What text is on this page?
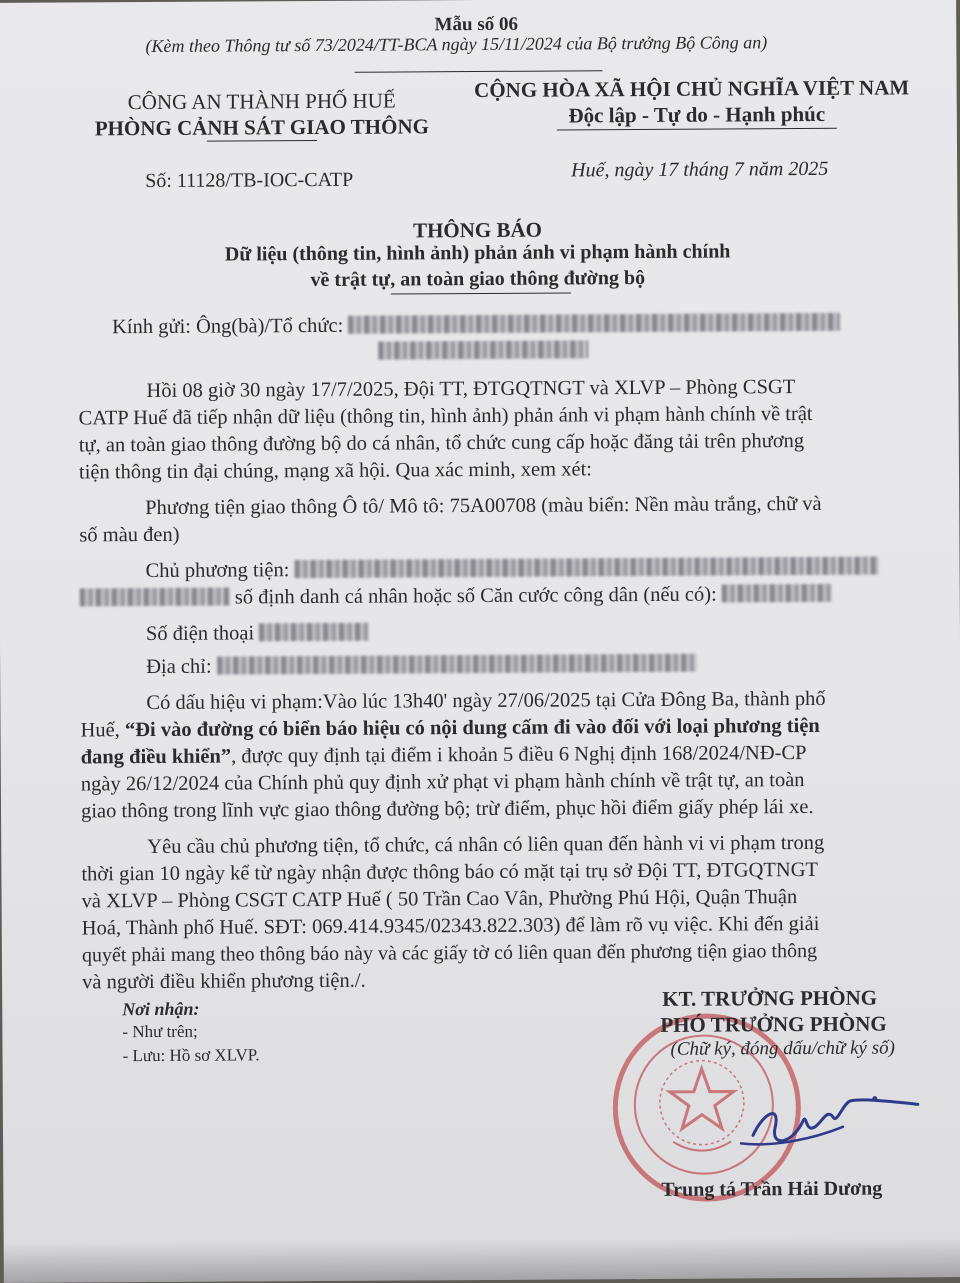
Mẫu số 06
(Kèm theo Thông tư số 73/2024/TT-BCA ngày 15/11/2024 của Bộ trưởng Bộ Công an)
CÔNG AN THÀNH PHỐ HUẾ
PHÒNG CẢNH SÁT GIAO THÔNG
CỘNG HÒA XÃ HỘI CHỦ NGHĨA VIỆT NAM
Độc lập - Tự do - Hạnh phúc
Số: 11128/TB-IOC-CATP	Huế, ngày 17 tháng 7 năm 2025
THÔNG BÁO
Dữ liệu (thông tin, hình ảnh) phản ánh vi phạm hành chính
về trật tự, an toàn giao thông đường bộ
Kính gửi: Ông(bà)/Tổ chức:
Hồi 08 giờ 30 ngày 17/7/2025, Đội TT, ĐTGQTNGT và XLVP – Phòng CSGT
CATP Huế đã tiếp nhận dữ liệu (thông tin, hình ảnh) phản ánh vi phạm hành chính về trật
tự, an toàn giao thông đường bộ do cá nhân, tổ chức cung cấp hoặc đăng tải trên phương
tiện thông tin đại chúng, mạng xã hội. Qua xác minh, xem xét:
Phương tiện giao thông Ô tô/ Mô tô: 75A00708 (màu biển: Nền màu trắng, chữ và
số màu đen)
Chủ phương tiện:
số định danh cá nhân hoặc số Căn cước công dân (nếu có):
Số điện thoại
Địa chỉ:
Có dấu hiệu vi phạm:Vào lúc 13h40' ngày 27/06/2025 tại Cửa Đông Ba, thành phố
Huế, “Đi vào đường có biển báo hiệu có nội dung cấm đi vào đối với loại phương tiện
đang điều khiển”, được quy định tại điểm i khoản 5 điều 6 Nghị định 168/2024/NĐ-CP
ngày 26/12/2024 của Chính phủ quy định xử phạt vi phạm hành chính về trật tự, an toàn
giao thông trong lĩnh vực giao thông đường bộ; trừ điểm, phục hồi điểm giấy phép lái xe.
Yêu cầu chủ phương tiện, tổ chức, cá nhân có liên quan đến hành vi vi phạm trong
thời gian 10 ngày kể từ ngày nhận được thông báo có mặt tại trụ sở Đội TT, ĐTGQTNGT
và XLVP – Phòng CSGT CATP Huế ( 50 Trần Cao Vân, Phường Phú Hội, Quận Thuận
Hoá, Thành phố Huế. SĐT: 069.414.9345/02343.822.303) để làm rõ vụ việc. Khi đến giải
quyết phải mang theo thông báo này và các giấy tờ có liên quan đến phương tiện giao thông
và người điều khiển phương tiện./.
Nơi nhận:
- Như trên;
- Lưu: Hồ sơ XLVP.
KT. TRƯỞNG PHÒNG
PHÓ TRƯỞNG PHÒNG
(Chữ ký, đóng dấu/chữ ký số)
Trung tá Trần Hải Dương
